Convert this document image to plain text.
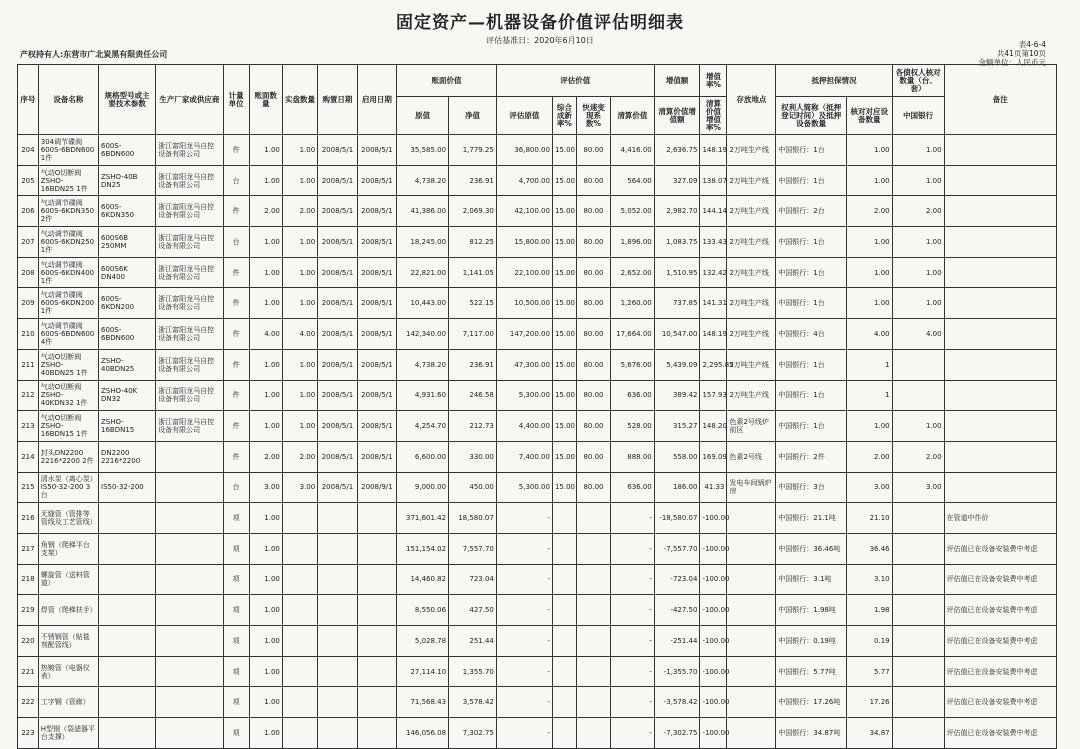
固定资产—机器设备价值评估明细表
评估基准日：2020年6月10日
产权持有人:东营市广北炭黑有限责任公司
表4-6-4
共41页第10页
金额单位：人民币元
序号	设备名称	规格型号或主要技术参数	生产厂家或供应商	计量单位	账面数量	实盘数量	购置日期	启用日期	账面价值		评估价值				增值额	增值率%	存放地点	抵押担保情况		各债权人核对数量（台、套）	备注
									原值	净值	评估原值	综合成新率%	快速变现系数%	清算价值	清算价值增值额	清算价值增值率%		权利人简称（抵押登记时间）及抵押设备数量	核对对应设备数量	中国银行	
204	304调节碟阀 600S-6BDN600 1件	600S-6BDN600	浙江富阳龙马自控设备有限公司	件	1.00	1.00	2008/5/1	2008/5/1	35,585.00	1,779.25	36,800.00	15.00	80.00	4,416.00	2,636.75	148.19	2万吨生产线	中国银行：1台	1.00	1.00	
205	气动O切断阀 ZSHO-16BDN25 1件	ZSHO-40B DN25	浙江富阳龙马自控设备有限公司	台	1.00	1.00	2008/5/1	2008/5/1	4,738.20	236.91	4,700.00	15.00	80.00	564.00	327.09	138.07	2万吨生产线	中国银行：1台	1.00	1.00	
206	气动调节碟阀 600S-6KDN350 2件	600S-6KDN350	浙江富阳龙马自控设备有限公司	件	2.00	2.00	2008/5/1	2008/5/1	41,386.00	2,069.30	42,100.00	15.00	80.00	5,052.00	2,982.70	144.14	2万吨生产线	中国银行：2台	2.00	2.00	
207	气动调节碟阀 600S-6KDN250 1件	600S6B 250MM	浙江富阳龙马自控设备有限公司	台	1.00	1.00	2008/5/1	2008/5/1	18,245.00	812.25	15,800.00	15.00	80.00	1,896.00	1,083.75	133.43	2万吨生产线	中国银行：1台	1.00	1.00	
208	气动调节碟阀 600S-6KDN400 1件	600S6K DN400	浙江富阳龙马自控设备有限公司	件	1.00	1.00	2008/5/1	2008/5/1	22,821.00	1,141.05	22,100.00	15.00	80.00	2,652.00	1,510.95	132.42	2万吨生产线	中国银行：1台	1.00	1.00	
209	气动调节碟阀 600S-6KDN200 1件	600S-6KDN200	浙江富阳龙马自控设备有限公司	件	1.00	1.00	2008/5/1	2008/5/1	10,443.00	522.15	10,500.00	15.00	80.00	1,260.00	737.85	141.31	2万吨生产线	中国银行：1台	1.00	1.00	
210	气动调节碟阀 600S-6BDN600 4件	600S-6BDN600	浙江富阳龙马自控设备有限公司	件	4.00	4.00	2008/5/1	2008/5/1	142,340.00	7,117.00	147,200.00	15.00	80.00	17,664.00	10,547.00	148.19	2万吨生产线	中国银行：4台	4.00	4.00	
211	气动O切断阀 ZSHO-40BDN25 1件	ZSHO-40BDN25	浙江富阳龙马自控设备有限公司	件	1.00	1.00	2008/5/1	2008/5/1	4,738.20	236.91	47,300.00	15.00	80.00	5,676.00	5,439.09	2,295.85	2万吨生产线	中国银行：1台	1		
212	气动O切断阀 ZSHO-40KDN32 1件	ZSHO-40K DN32	浙江富阳龙马自控设备有限公司	件	1.00	1.00	2008/5/1	2008/5/1	4,931.60	246.58	5,300.00	15.00	80.00	636.00	389.42	157.93	2万吨生产线	中国银行：1台	1		
213	气动O切断阀 ZSHO-16BDN15 1件	ZSHO-16BDN15	浙江富阳龙马自控设备有限公司	件	1.00	1.00	2008/5/1	2008/5/1	4,254.70	212.73	4,400.00	15.00	80.00	528.00	315.27	148.20	色素2号线炉前区	中国银行：1台	1.00	1.00	
214	封头DN2200 2216*2200 2件	DN2200 2216*2200		件	2.00	2.00	2008/5/1	2008/5/1	6,600.00	330.00	7,400.00	15.00	80.00	888.00	558.00	169.09	色素2号线	中国银行：2件	2.00	2.00	
215	清水泵（离心泵）IS50-32-200 3台	IS50-32-200		台	3.00	3.00	2008/5/1	2008/9/1	9,000.00	450.00	5,300.00	15.00	80.00	636.00	186.00	41.33	发电车间锅炉房	中国银行：3台	3.00	3.00	
216	无缝管（管排等管线及工艺管线）			项	1.00				371,601.42	18,580.07	-			-	-18,580.07	-100.00		中国银行：21.1吨	21.10		在管道中作价
217	角钢（爬梯平台支架）			项	1.00				151,154.02	7,557.70	-			-	-7,557.70	-100.00		中国银行：36.46吨	36.46		评估值已在设备安装费中考虑
218	螺旋管（送料管道）			项	1.00				14,460.82	723.04	-			-	-723.04	-100.00		中国银行：3.1吨	3.10		评估值已在设备安装费中考虑
219	焊管（爬梯扶手）			项	1.00				8,550.06	427.50	-			-	-427.50	-100.00		中国银行：1.98吨	1.98		评估值已在设备安装费中考虑
220	不锈钢管（贴毯剂配管线）			项	1.00				5,028.78	251.44	-			-	-251.44	-100.00		中国银行：0.19吨	0.19		评估值已在设备安装费中考虑
221	热镀管（电器仪表）			项	1.00				27,114.10	1,355.70	-			-	-1,355.70	-100.00		中国银行：5.77吨	5.77		评估值已在设备安装费中考虑
222	工字钢（管廊）			项	1.00				71,568.43	3,578.42	-			-	-3,578.42	-100.00		中国银行：17.26吨	17.26		评估值已在设备安装费中考虑
223	H型钢（袋滤器平台支撑）			项	1.00				146,056.08	7,302.75	-			-	-7,302.75	-100.00		中国银行：34.87吨	34.87		评估值已在设备安装费中考虑
